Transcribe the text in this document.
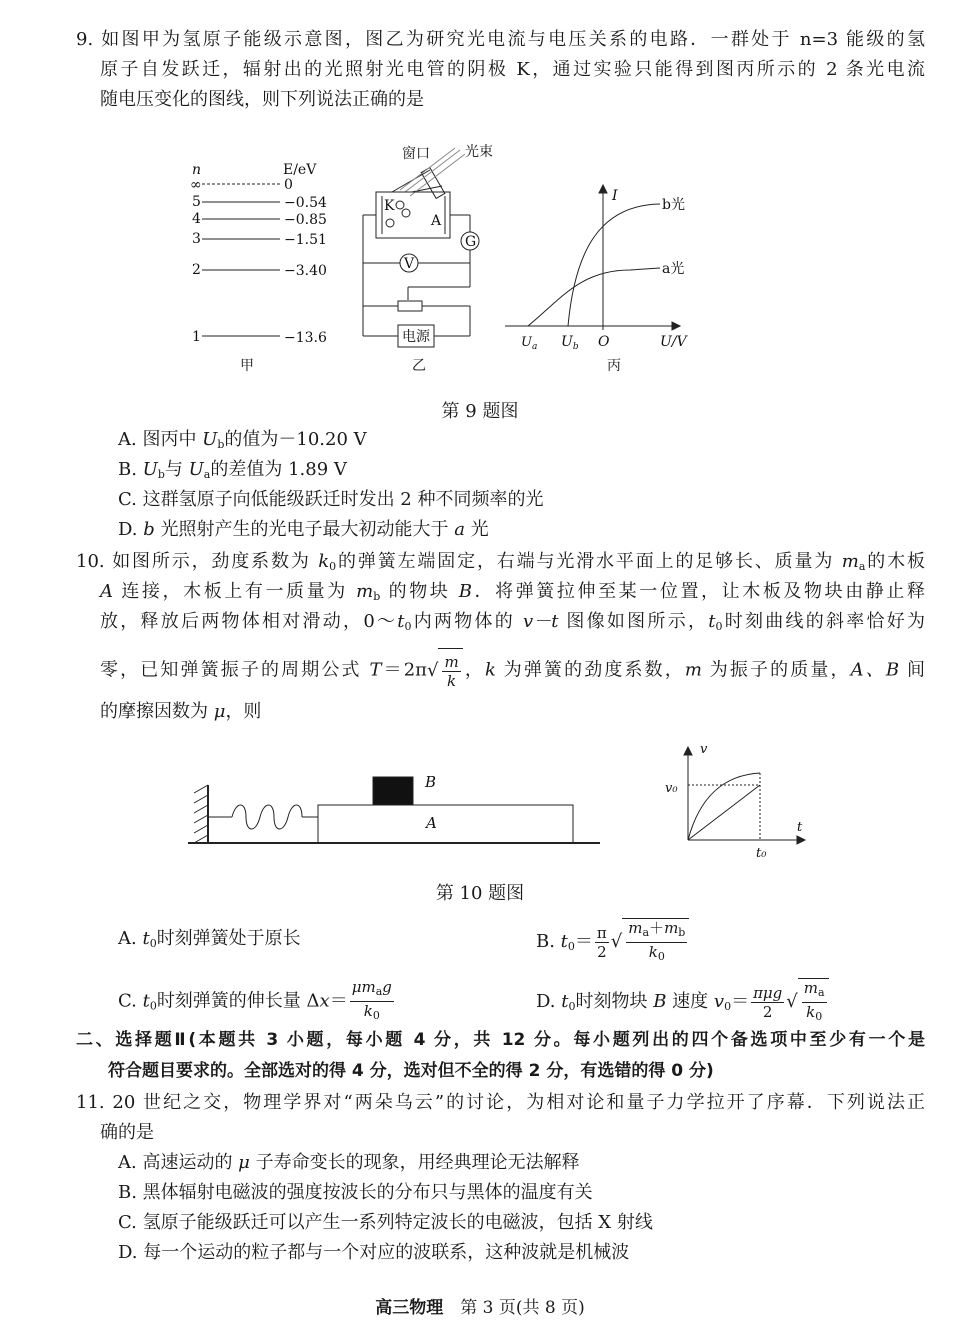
9. 如图甲为氢原子能级示意图，图乙为研究光电流与电压关系的电路．一群处于 n=3 能级的氢
原子自发跃迁，辐射出的光照射光电管的阴极 K，通过实验只能得到图丙所示的 2 条光电流
随电压变化的图线，则下列说法正确的是
n	E/eV
∞	0
5	−0.54
4	−0.85
3	−1.51
2	−3.40
1	−13.6
甲
窗口	光束
K
A
G
V
电源
乙
I
b光
a光
$U_a$ $U_b$ O	U/V
丙
第 9 题图
A. 图丙中 $U_b$的值为－10.20 V
B. $U_b$与 $U_a$的差值为 1.89 V
C. 这群氢原子向低能级跃迁时发出 2 种不同频率的光
D. b 光照射产生的光电子最大初动能大于 a 光
10. 如图所示，劲度系数为 $k_0$的弹簧左端固定，右端与光滑水平面上的足够长、质量为 $m_a$的木板
A 连接，木板上有一质量为 $m_b$ 的物块 B．将弹簧拉伸至某一位置，让木板及物块由静止释
放，释放后两物体相对滑动，$0\sim t_0$内两物体的 v－t 图像如图所示，$t_0$时刻曲线的斜率恰好为
零，已知弹簧振子的周期公式 $T=2\pi√ \frac{m}{k}$ ，k 为弹簧的劲度系数，m 为振子的质量，A、B 间
的摩擦因数为 μ，则
B
A
v
v₀
t
t₀
第 10 题图
A. $t_0$时刻弹簧处于原长	B. $t_0= \frac{\pi}{2}$ √ $\frac{m_a+m_b}{k_0}$
C. $t_0$时刻弹簧的伸长量 $\Delta x= \frac{\mu m_ag}{k_0}$	D. $t_0$时刻物块 B 速度 $v_0= \frac{\text{πμg}}{2}$ √ $\frac{m_a}{k_0}$
二、选择题Ⅱ(本题共 3 小题，每小题 4 分，共 12 分。每小题列出的四个备选项中至少有一个是
符合题目要求的。全部选对的得 4 分，选对但不全的得 2 分，有选错的得 0 分)
11. 20 世纪之交，物理学界对“两朵乌云”的讨论，为相对论和量子力学拉开了序幕．下列说法正
确的是
A. 高速运动的 μ 子寿命变长的现象，用经典理论无法解释
B. 黑体辐射电磁波的强度按波长的分布只与黑体的温度有关
C. 氢原子能级跃迁可以产生一系列特定波长的电磁波，包括 X 射线
D. 每一个运动的粒子都与一个对应的波联系，这种波就是机械波
高三物理　 第 3 页(共 8 页)
